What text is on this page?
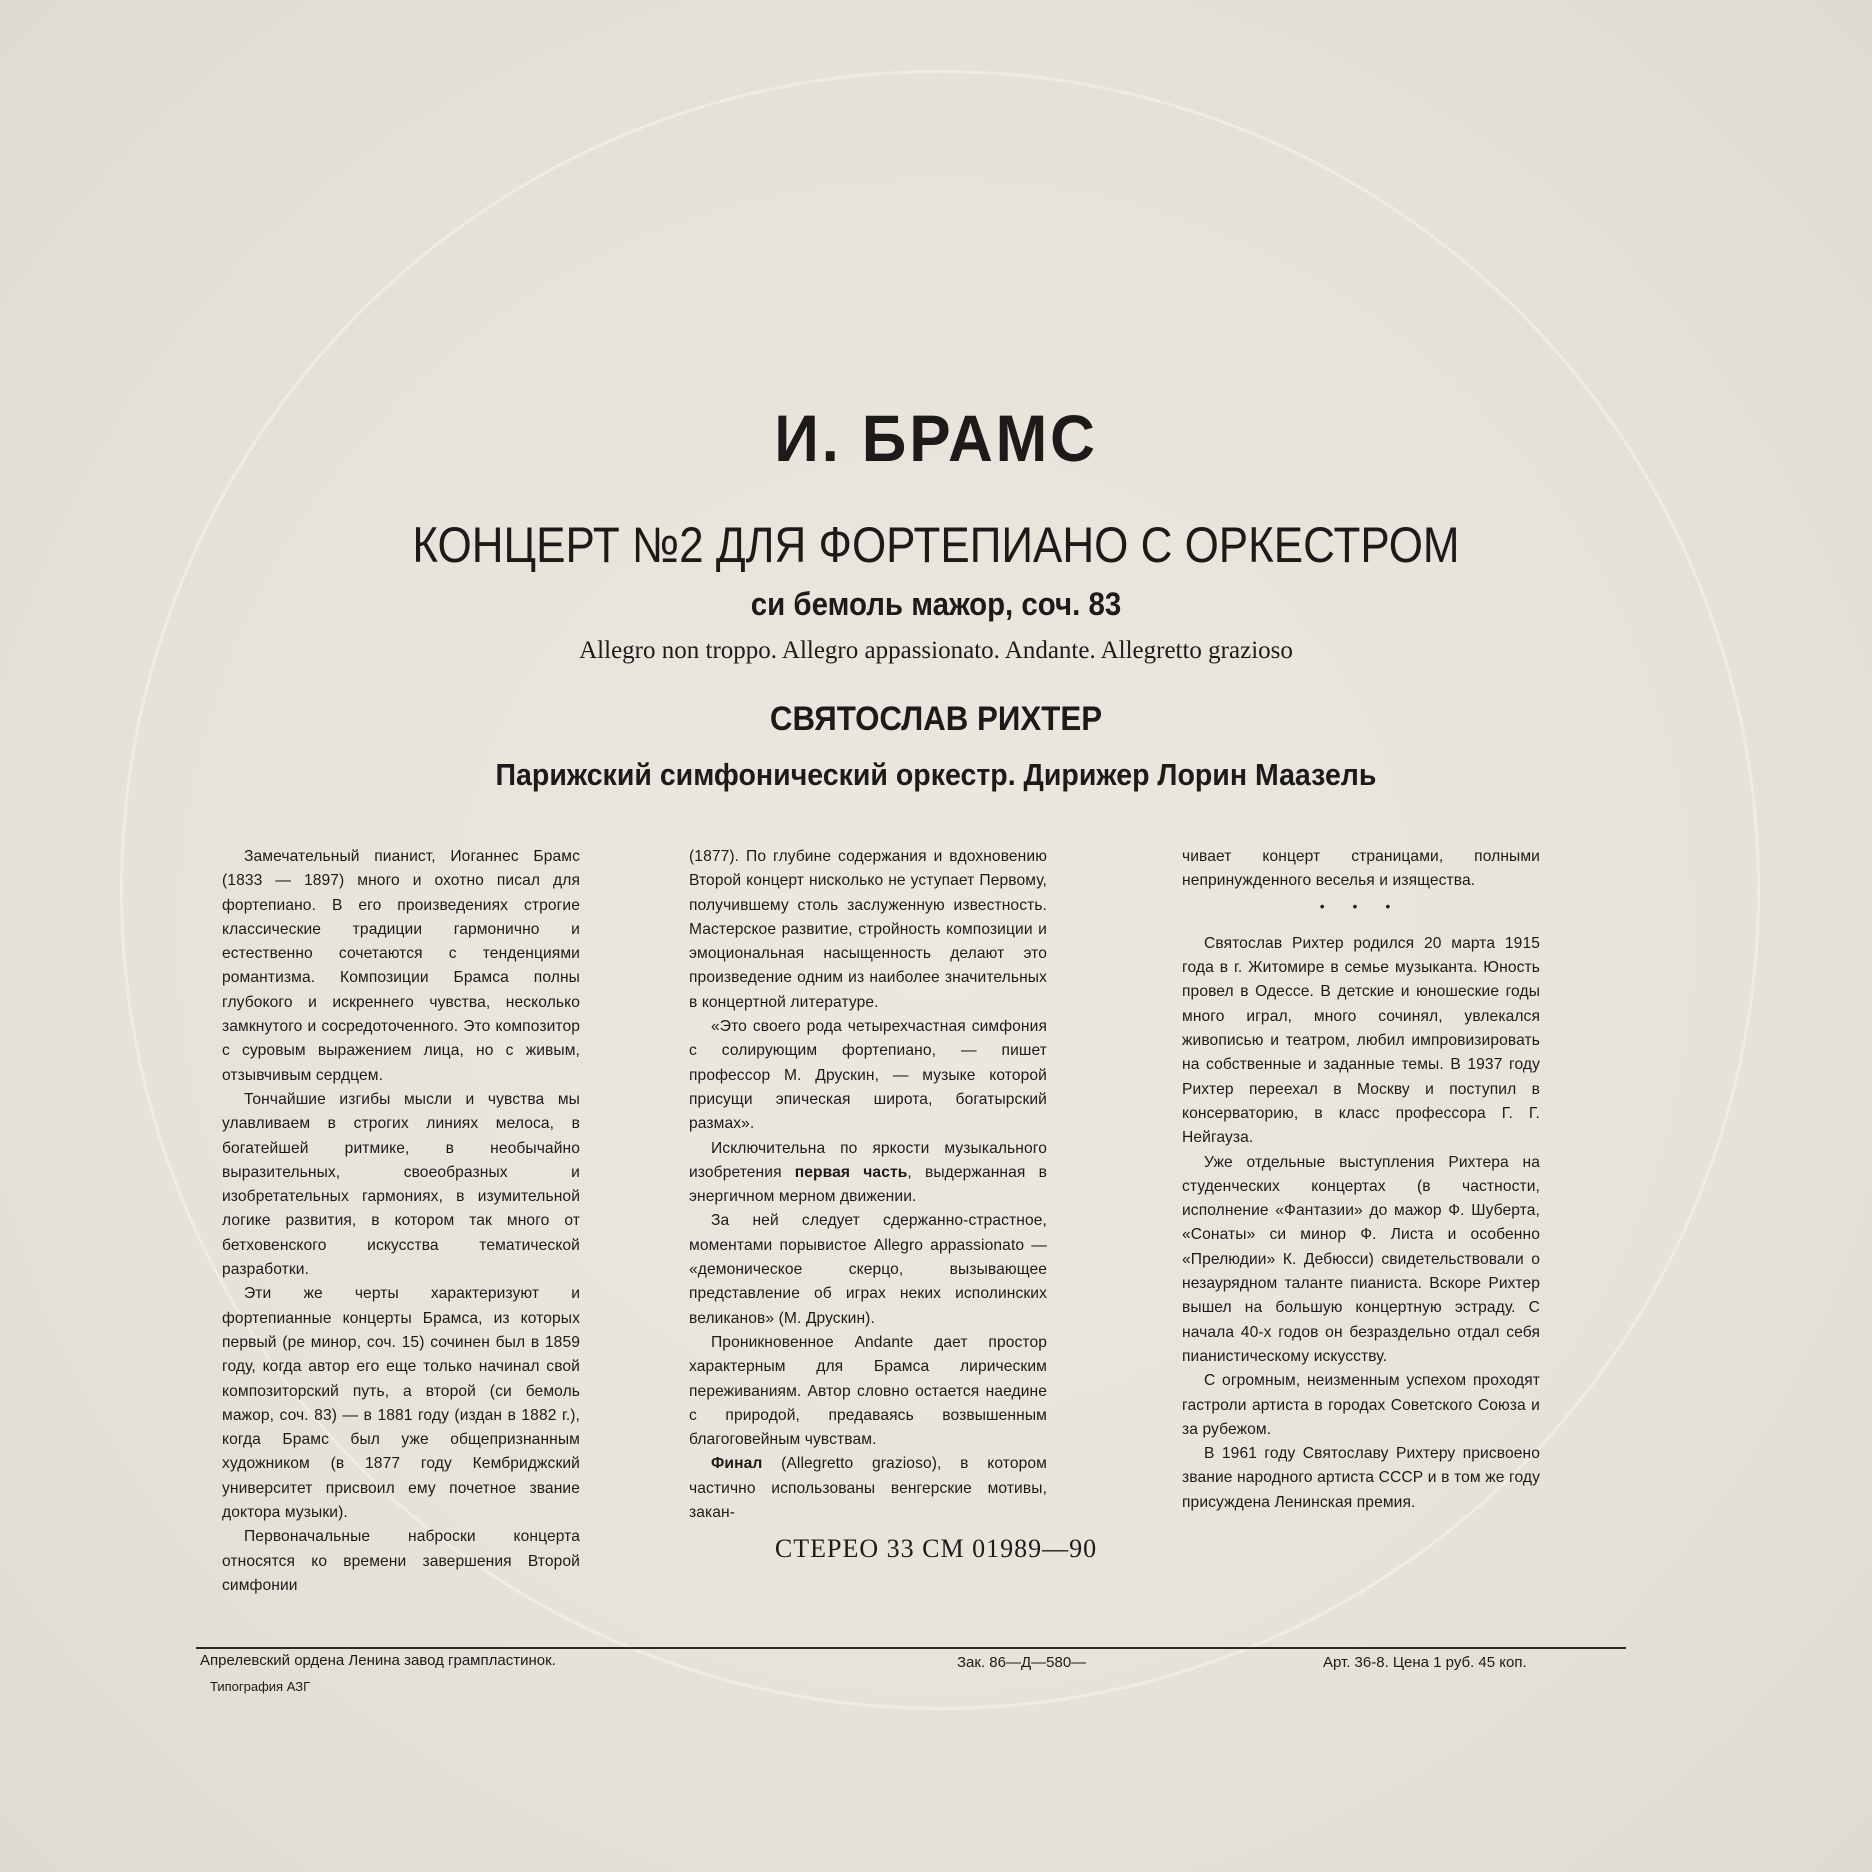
И. БРАМС
КОНЦЕРТ №2 ДЛЯ ФОРТЕПИАНО С ОРКЕСТРОМ
си бемоль мажор, соч. 83
Allegro non troppo. Allegro appassionato. Andante. Allegretto grazioso
СВЯТОСЛАВ РИХТЕР
Парижский симфонический оркестр. Дирижер Лорин Маазель

Замечательный пианист, Иоганнес Брамс (1833 — 1897) много и охотно писал для фортепиано. В его произведениях строгие классические традиции гармонично и естественно сочетаются с тенденциями романтизма. Композиции Брамса полны глубокого и искреннего чувства, несколько замкнутого и сосредоточенного. Это композитор с суровым выражением лица, но с живым, отзывчивым сердцем.

Тончайшие изгибы мысли и чувства мы улавливаем в строгих линиях мелоса, в богатейшей ритмике, в необычайно выразительных, своеобразных и изобретательных гармониях, в изумительной логике развития, в котором так много от бетховенского искусства тематической разработки.

Эти же черты характеризуют и фортепианные концерты Брамса, из которых первый (ре минор, соч. 15) сочинен был в 1859 году, когда автор его еще только начинал свой композиторский путь, а второй (си бемоль мажор, соч. 83) — в 1881 году (издан в 1882 г.), когда Брамс был уже общепризнанным художником (в 1877 году Кембриджский университет присвоил ему почетное звание доктора музыки).

Первоначальные наброски концерта относятся ко времени завершения Второй симфонии

(1877). По глубине содержания и вдохновению Второй концерт нисколько не уступает Первому, получившему столь заслуженную известность. Мастерское развитие, стройность композиции и эмоциональная насыщенность делают это произведение одним из наиболее значительных в концертной литературе.

«Это своего рода четырехчастная симфония с солирующим фортепиано, — пишет профессор М. Друскин, — музыке которой присущи эпическая широта, богатырский размах».

Исключительна по яркости музыкального изобретения первая часть, выдержанная в энергичном мерном движении.

За ней следует сдержанно-страстное, моментами порывистое Allegro appassionato — «демоническое скерцо, вызывающее представление об играх неких исполинских великанов» (М. Друскин).

Проникновенное Andante дает простор характерным для Брамса лирическим переживаниям. Автор словно остается наедине с природой, предаваясь возвышенным благоговейным чувствам.

Финал (Allegretto grazioso), в котором частично использованы венгерские мотивы, закан-

чивает концерт страницами, полными непринужденного веселья и изящества.

• • •

Святослав Рихтер родился 20 марта 1915 года в г. Житомире в семье музыканта. Юность провел в Одессе. В детские и юношеские годы много играл, много сочинял, увлекался живописью и театром, любил импровизировать на собственные и заданные темы. В 1937 году Рихтер переехал в Москву и поступил в консерваторию, в класс профессора Г. Г. Нейгауза.

Уже отдельные выступления Рихтера на студенческих концертах (в частности, исполнение «Фантазии» до мажор Ф. Шуберта, «Сонаты» си минор Ф. Листа и особенно «Прелюдии» К. Дебюсси) свидетельствовали о незаурядном таланте пианиста. Вскоре Рихтер вышел на большую концертную эстраду. С начала 40-х годов он безраздельно отдал себя пианистическому искусству.

С огромным, неизменным успехом проходят гастроли артиста в городах Советского Союза и за рубежом.

В 1961 году Святославу Рихтеру присвоено звание народного артиста СССР и в том же году присуждена Ленинская премия.

СТЕРЕО 33 СМ 01989—90
Апрелевский ордена Ленина завод грампластинок.	Зак. 86—Д—580—	Арт. 36-8. Цена 1 руб. 45 коп.
Типография АЗГ
